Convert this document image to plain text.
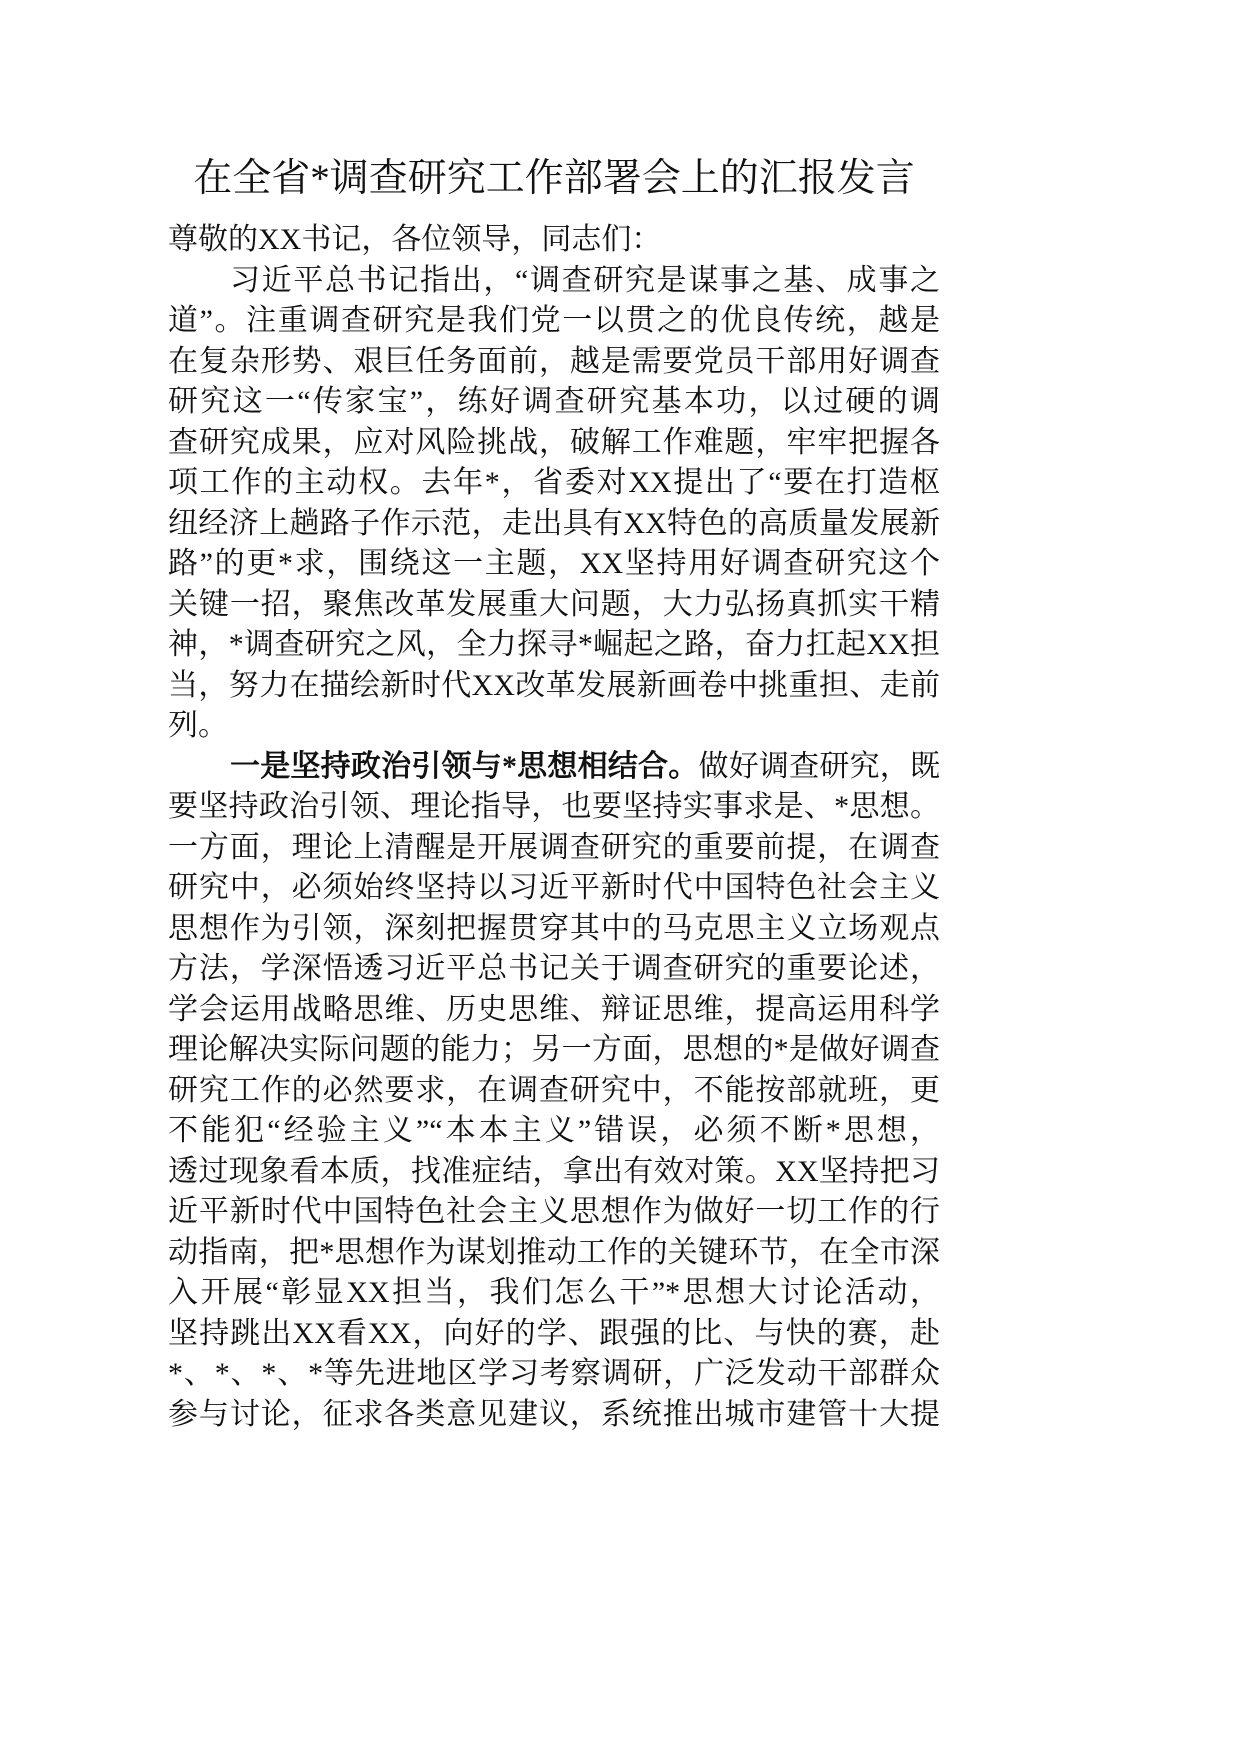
在全省*调查研究工作部署会上的汇报发言
尊敬的XX书记，各位领导，同志们：
习近平总书记指出，“调查研究是谋事之基、成事之
道”。注重调查研究是我们党一以贯之的优良传统，越是
在复杂形势、艰巨任务面前，越是需要党员干部用好调查
研究这一“传家宝”，练好调查研究基本功，以过硬的调
查研究成果，应对风险挑战，破解工作难题，牢牢把握各
项工作的主动权。去年*，省委对XX提出了“要在打造枢
纽经济上趟路子作示范，走出具有XX特色的高质量发展新
路”的更*求，围绕这一主题，XX坚持用好调查研究这个
关键一招，聚焦改革发展重大问题，大力弘扬真抓实干精
神，*调查研究之风，全力探寻*崛起之路，奋力扛起XX担
当，努力在描绘新时代XX改革发展新画卷中挑重担、走前
列。
一是坚持政治引领与*思想相结合。做好调查研究，既
要坚持政治引领、理论指导，也要坚持实事求是、*思想。
一方面，理论上清醒是开展调查研究的重要前提，在调查
研究中，必须始终坚持以习近平新时代中国特色社会主义
思想作为引领，深刻把握贯穿其中的马克思主义立场观点
方法，学深悟透习近平总书记关于调查研究的重要论述，
学会运用战略思维、历史思维、辩证思维，提高运用科学
理论解决实际问题的能力；另一方面，思想的*是做好调查
研究工作的必然要求，在调查研究中，不能按部就班，更
不能犯“经验主义”“本本主义”错误，必须不断*思想，
透过现象看本质，找准症结，拿出有效对策。XX坚持把习
近平新时代中国特色社会主义思想作为做好一切工作的行
动指南，把*思想作为谋划推动工作的关键环节，在全市深
入开展“彰显XX担当，我们怎么干”*思想大讨论活动，
坚持跳出XX看XX，向好的学、跟强的比、与快的赛，赴
*、*、*、*等先进地区学习考察调研，广泛发动干部群众
参与讨论，征求各类意见建议，系统推出城市建管十大提
